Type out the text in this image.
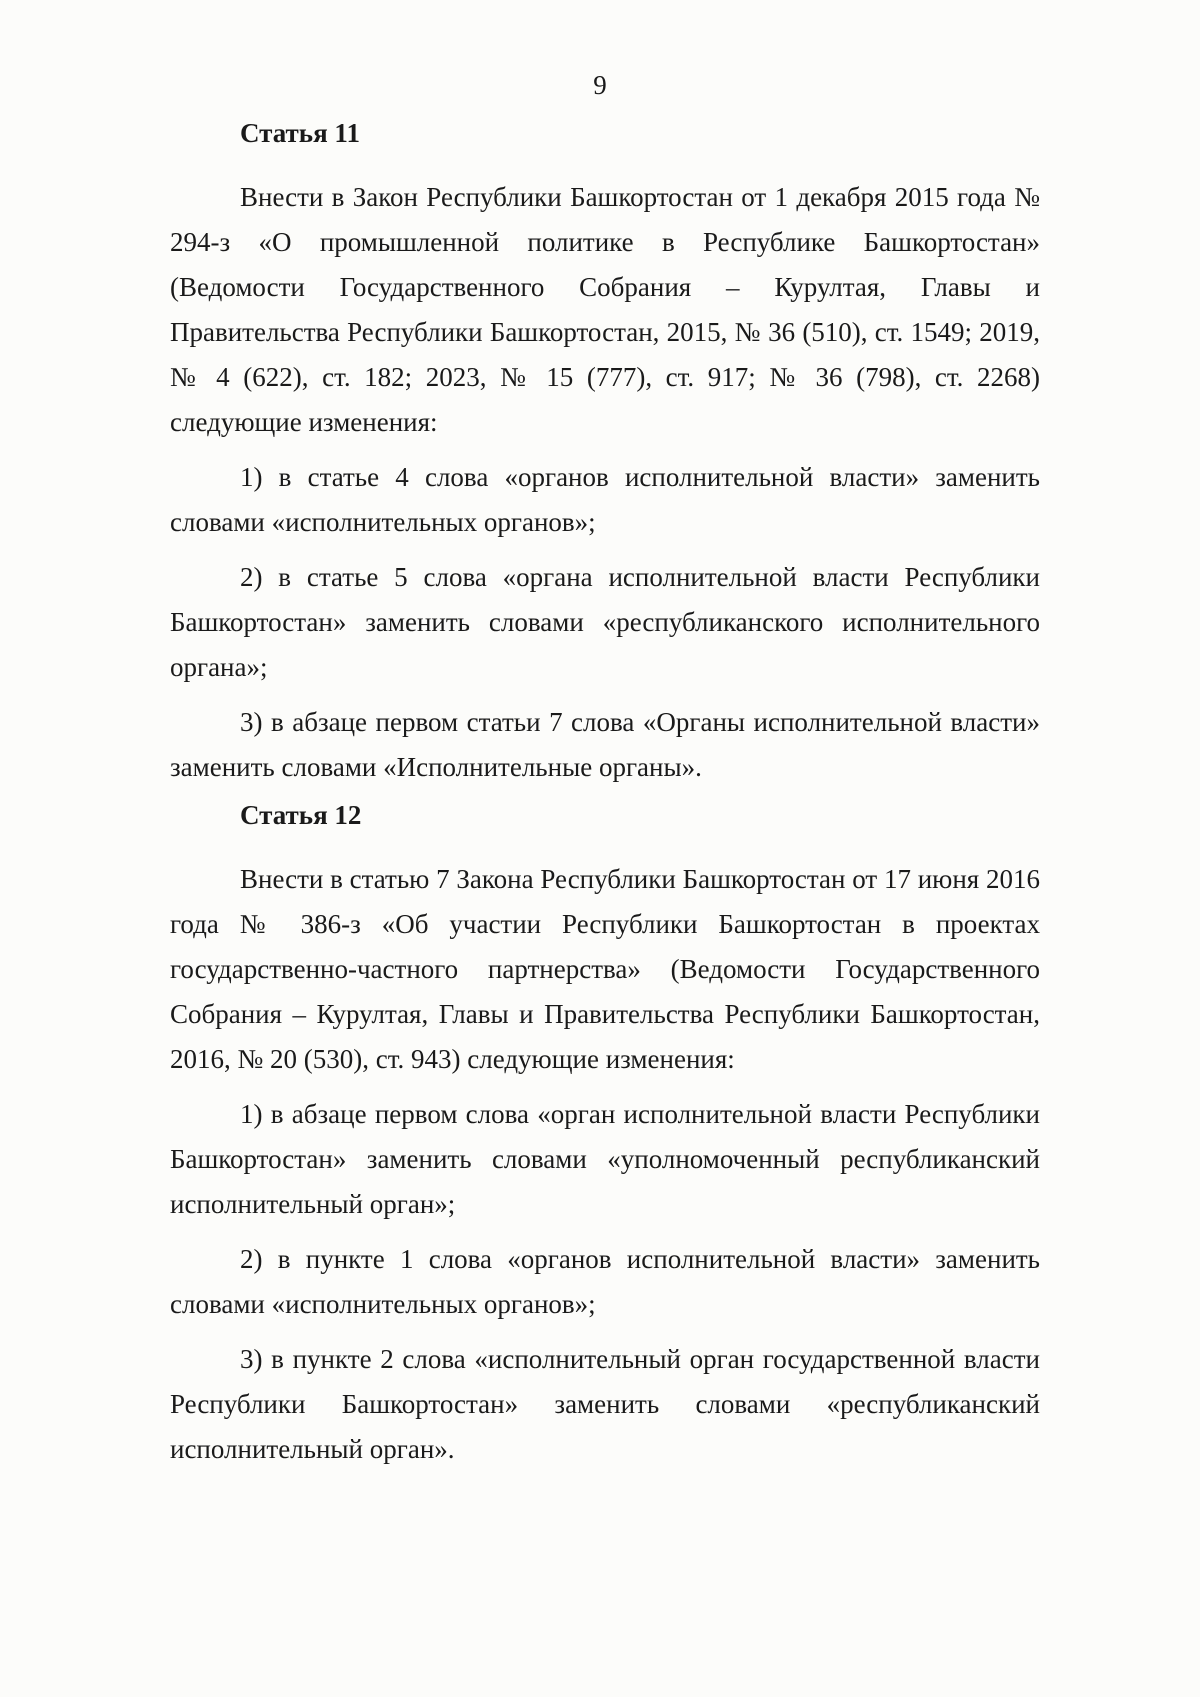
9
Статья 11

Внести в Закон Республики Башкортостан от 1 декабря 2015 года № 294-з «О промышленной политике в Республике Башкортостан» (Ведомости Государственного Собрания – Курултая, Главы и Правительства Республики Башкортостан, 2015, № 36 (510), ст. 1549; 2019, № 4 (622), ст. 182; 2023, № 15 (777), ст. 917; № 36 (798), ст. 2268) следующие изменения:

1) в статье 4 слова «органов исполнительной власти» заменить словами «исполнительных органов»;

2) в статье 5 слова «органа исполнительной власти Республики Башкортостан» заменить словами «республиканского исполнительного органа»;

3) в абзаце первом статьи 7 слова «Органы исполнительной власти» заменить словами «Исполнительные органы».

Статья 12

Внести в статью 7 Закона Республики Башкортостан от 17 июня 2016 года № 386-з «Об участии Республики Башкортостан в проектах государственно-частного партнерства» (Ведомости Государственного Собрания – Курултая, Главы и Правительства Республики Башкортостан, 2016, № 20 (530), ст. 943) следующие изменения:

1) в абзаце первом слова «орган исполнительной власти Республики Башкортостан» заменить словами «уполномоченный республиканский исполнительный орган»;

2) в пункте 1 слова «органов исполнительной власти» заменить словами «исполнительных органов»;

3) в пункте 2 слова «исполнительный орган государственной власти Республики Башкортостан» заменить словами «республиканский исполнительный орган».
